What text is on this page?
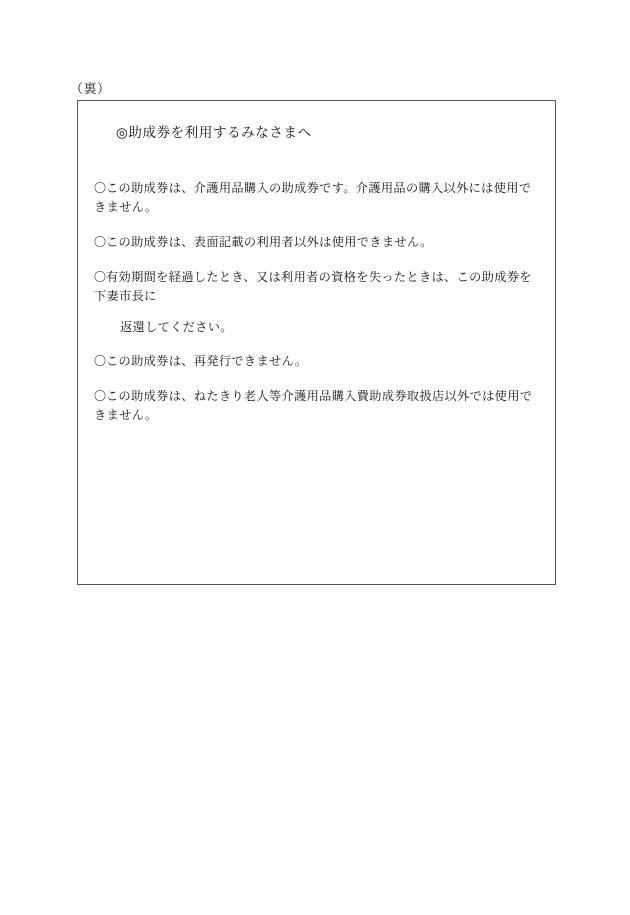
（裏）
◎助成券を利用するみなさまへ
〇この助成券は、介護用品購入の助成券です。介護用品の購入以外には使用できません。
〇この助成券は、表面記載の利用者以外は使用できません。
〇有効期間を経過したとき、又は利用者の資格を失ったときは、この助成券を下妻市長に
返還してください。
〇この助成券は、再発行できません。
〇この助成券は、ねたきり老人等介護用品購入費助成券取扱店以外では使用できません。
